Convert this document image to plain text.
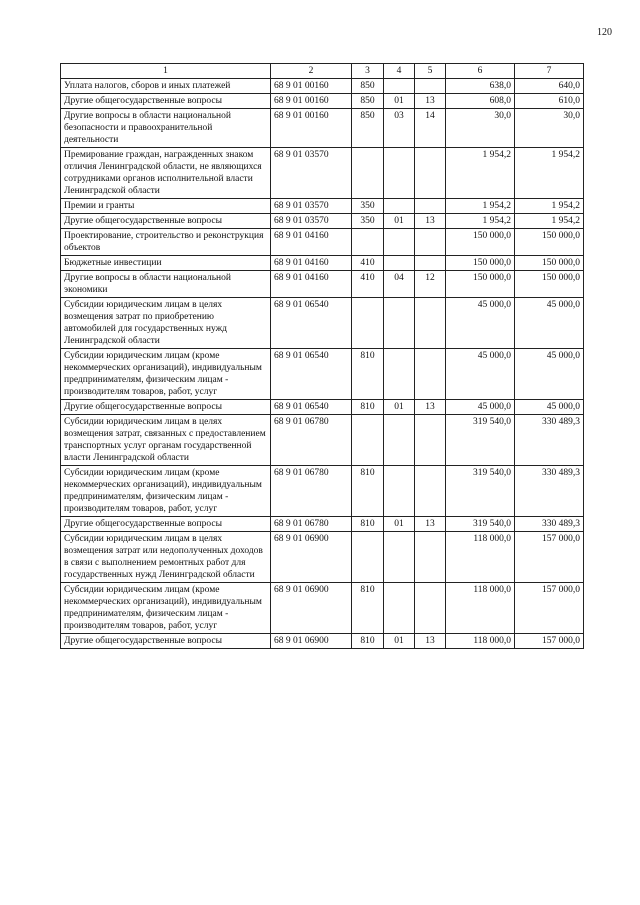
120
1	2	3	4	5	6	7
Уплата налогов, сборов и иных платежей	68 9 01 00160	850			638,0	640,0
Другие общегосударственные вопросы	68 9 01 00160	850	01	13	608,0	610,0
Другие вопросы в области национальной безопасности и правоохранительной деятельности	68 9 01 00160	850	03	14	30,0	30,0
Премирование граждан, награжденных знаком отличия Ленинградской области, не являющихся сотрудниками органов исполнительной власти Ленинградской области	68 9 01 03570				1 954,2	1 954,2
Премии и гранты	68 9 01 03570	350			1 954,2	1 954,2
Другие общегосударственные вопросы	68 9 01 03570	350	01	13	1 954,2	1 954,2
Проектирование, строительство и реконструкция объектов	68 9 01 04160				150 000,0	150 000,0
Бюджетные инвестиции	68 9 01 04160	410			150 000,0	150 000,0
Другие вопросы в области национальной экономики	68 9 01 04160	410	04	12	150 000,0	150 000,0
Субсидии юридическим лицам в целях возмещения затрат по приобретению автомобилей для государственных нужд Ленинградской области	68 9 01 06540				45 000,0	45 000,0
Субсидии юридическим лицам (кроме некоммерческих организаций), индивидуальным предпринимателям, физическим лицам - производителям товаров, работ, услуг	68 9 01 06540	810			45 000,0	45 000,0
Другие общегосударственные вопросы	68 9 01 06540	810	01	13	45 000,0	45 000,0
Субсидии юридическим лицам в целях возмещения затрат, связанных с предоставлением транспортных услуг органам государственной власти Ленинградской области	68 9 01 06780				319 540,0	330 489,3
Субсидии юридическим лицам (кроме некоммерческих организаций), индивидуальным предпринимателям, физическим лицам - производителям товаров, работ, услуг	68 9 01 06780	810			319 540,0	330 489,3
Другие общегосударственные вопросы	68 9 01 06780	810	01	13	319 540,0	330 489,3
Субсидии юридическим лицам в целях возмещения затрат или недополученных доходов в связи с выполнением ремонтных работ для государственных нужд Ленинградской области	68 9 01 06900				118 000,0	157 000,0
Субсидии юридическим лицам (кроме некоммерческих организаций), индивидуальным предпринимателям, физическим лицам - производителям товаров, работ, услуг	68 9 01 06900	810			118 000,0	157 000,0
Другие общегосударственные вопросы	68 9 01 06900	810	01	13	118 000,0	157 000,0
